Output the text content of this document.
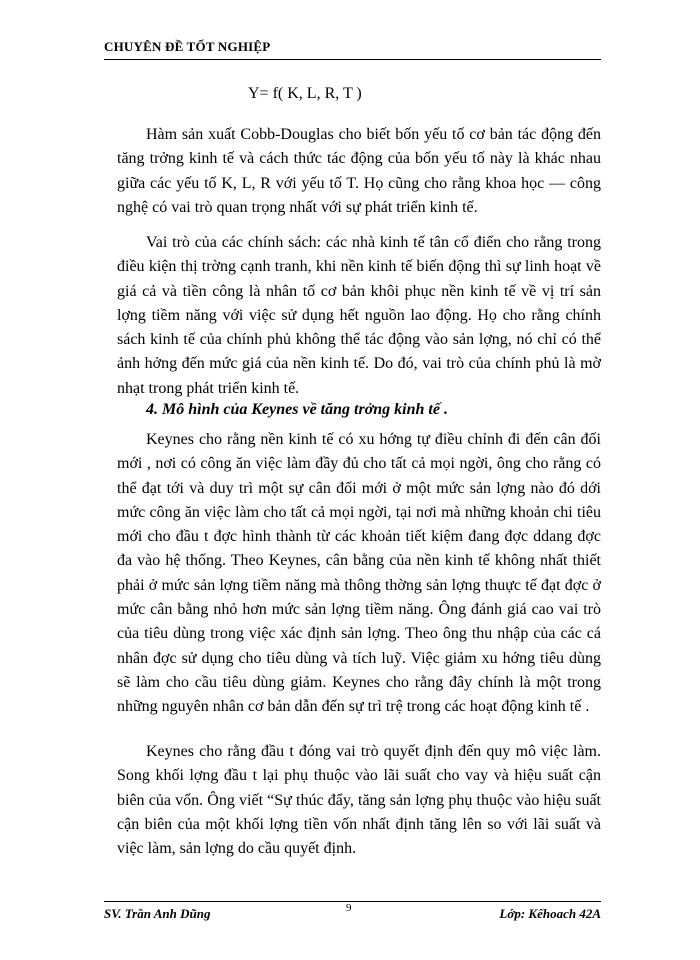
CHUYÊN ĐỀ TỐT NGHIỆP
Y= f( K, L, R, T )

Hàm sản xuất Cobb-Douglas cho biết bốn yếu tố cơ bản tác động đến tăng trởng kinh tế và cách thức tác động của bốn yếu tố này là khác nhau giữa các yếu tố K, L, R với yếu tố T. Họ cũng cho rằng khoa học — công nghệ có vai trò quan trọng nhất với sự phát triển kinh tế.

Vai trò của các chính sách: các nhà kinh tế tân cổ điển cho rằng trong điều kiện thị trờng cạnh tranh, khi nền kinh tế biến động thì sự linh hoạt về giá cả và tiền công là nhân tố cơ bản khôi phục nền kinh tế về vị trí sản lợng tiềm năng với việc sử dụng hết nguồn lao động. Họ cho rằng chính sách kinh tế của chính phủ không thể tác động vào sản lợng, nó chỉ có thể ảnh hởng đến mức giá của nền kinh tế. Do đó, vai trò của chính phủ là mờ nhạt trong phát triển kinh tế.

4. Mô hình của Keynes về tăng trởng kinh tế .

Keynes cho rằng nền kinh tế có xu hớng tự điều chỉnh đi đến cân đối mới , nơi có công ăn việc làm đầy đủ cho tất cả mọi ngời, ông cho rằng có thể đạt tới và duy trì một sự cân đối mới ở một mức sản lợng nào đó dới mức công ăn việc làm cho tất cả mọi ngời, tại nơi mà những khoản chi tiêu mới cho đầu t đợc hình thành từ các khoản tiết kiệm đang đợc ddang đợc đa vào hệ thống. Theo Keynes, cân bằng của nền kinh tế không nhất thiết phải ở mức sản lợng tiềm năng mà thông thờng sản lợng thuực tế đạt đợc ở mức cân bằng nhỏ hơn mức sản lợng tiềm năng. Ông đánh giá cao vai trò của tiêu dùng trong việc xác định sản lợng. Theo ông thu nhập của các cá nhân đợc sử dụng cho tiêu dùng và tích luỹ. Việc giảm xu hớng tiêu dùng sẽ làm cho cầu tiêu dùng giảm. Keynes cho rằng đây chính là một trong những nguyên nhân cơ bản dẫn đến sự trì trệ trong các hoạt động kinh tế .

Keynes cho rằng đầu t đóng vai trò quyết định đến quy mô việc làm. Song khối lợng đầu t lại phụ thuộc vào lãi suất cho vay và hiệu suất cận biên của vốn. Ông viết “Sự thúc đẩy, tăng sản lợng phụ thuộc vào hiệu suất cận biên của một khối lợng tiền vốn nhất định tăng lên so với lãi suất và việc làm, sản lợng do cầu quyết định.

SV. Trần Anh Dũng	9	Lớp: Kếhoach 42A
